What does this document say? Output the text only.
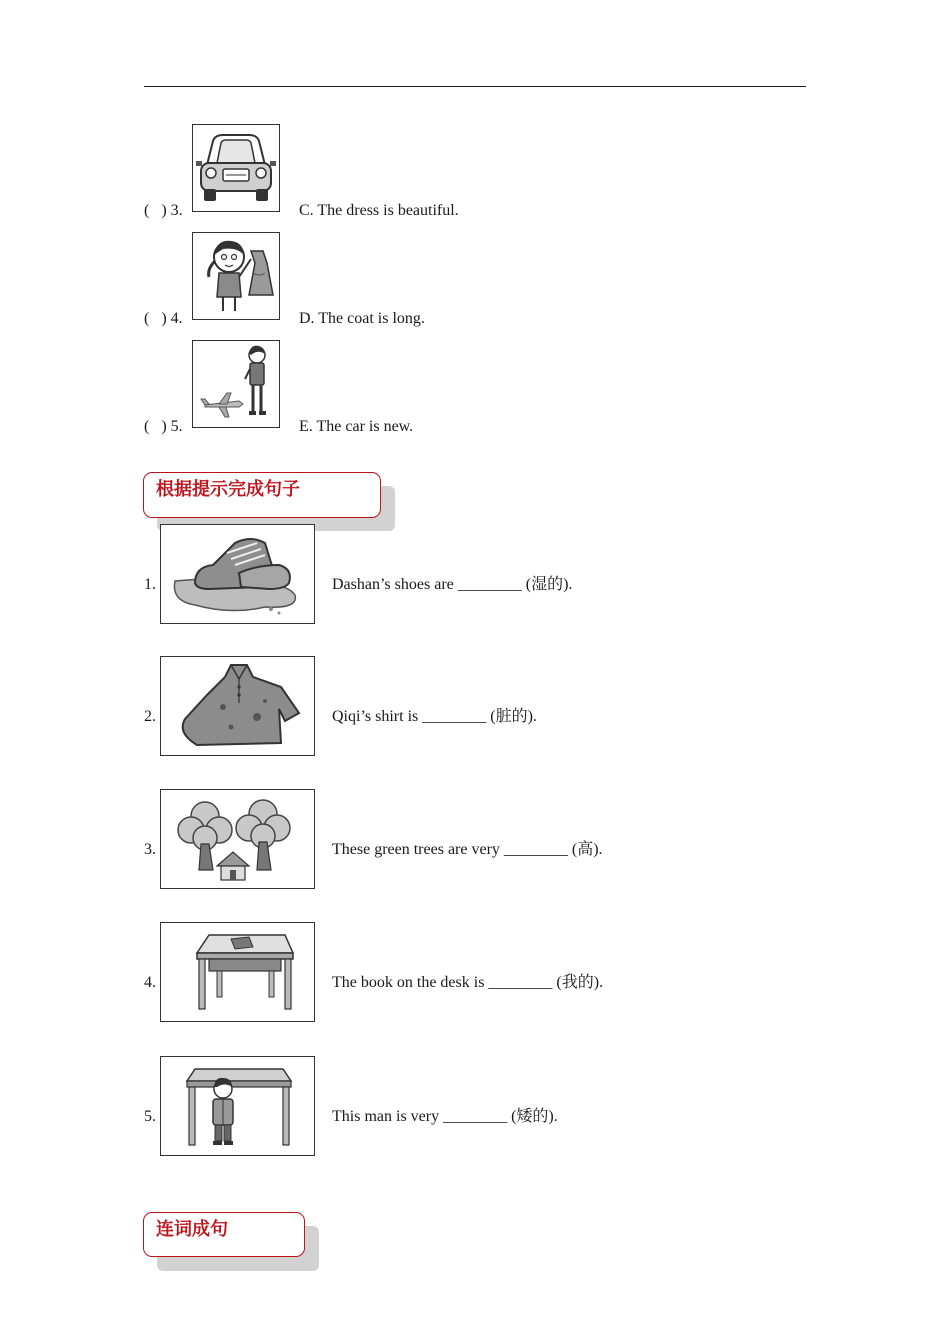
(   ) 3.	C. The dress is beautiful.
(   ) 4.	D. The coat is long.
(   ) 5.	E. The car is new.
根据提示完成句子
1.	Dashan’s shoes are ________ (湿的).
2.	Qiqi’s shirt is ________ (脏的).
3.	These green trees are very ________ (高).
4.	The book on the desk is ________ (我的).
5.	This man is very ________ (矮的).
连词成句
